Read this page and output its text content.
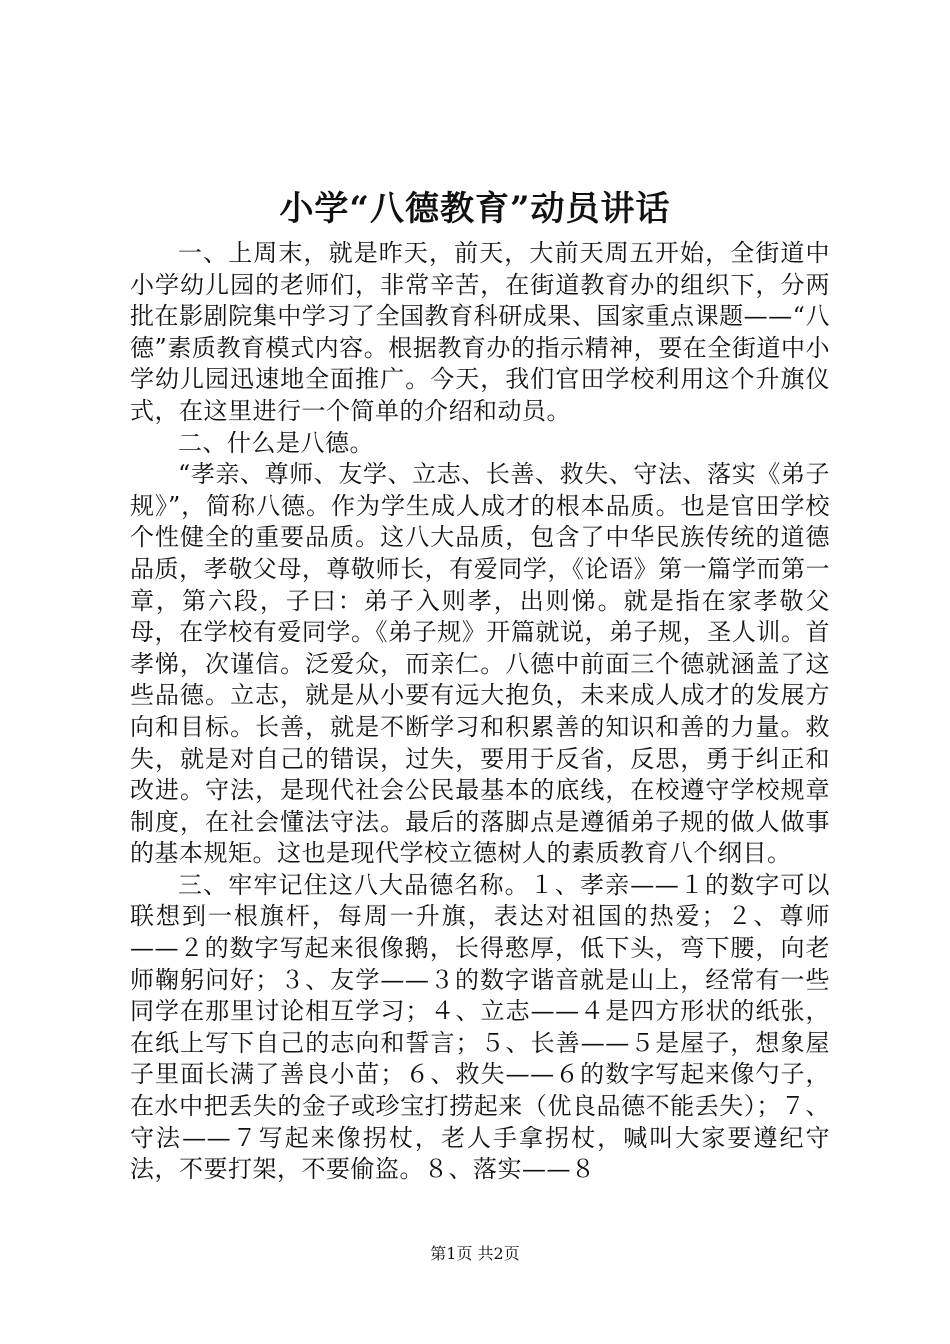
小学“八德教育”动员讲话

一、上周末，就是昨天，前天，大前天周五开始，全街道中小学幼儿园的老师们，非常辛苦，在街道教育办的组织下，分两批在影剧院集中学习了全国教育科研成果、国家重点课题——“八德”素质教育模式内容。根据教育办的指示精神，要在全街道中小学幼儿园迅速地全面推广。今天，我们官田学校利用这个升旗仪式，在这里进行一个简单的介绍和动员。

二、什么是八德。

“孝亲、尊师、友学、立志、长善、救失、守法、落实《弟子规》”，简称八德。作为学生成人成才的根本品质。也是官田学校个性健全的重要品质。这八大品质，包含了中华民族传统的道德品质，孝敬父母，尊敬师长，有爱同学，《论语》第一篇学而第一章，第六段，子曰：弟子入则孝，出则悌。就是指在家孝敬父母，在学校有爱同学。《弟子规》开篇就说，弟子规，圣人训。首孝悌，次谨信。泛爱众，而亲仁。八德中前面三个德就涵盖了这些品德。立志，就是从小要有远大抱负，未来成人成才的发展方向和目标。长善，就是不断学习和积累善的知识和善的力量。救失，就是对自己的错误，过失，要用于反省，反思，勇于纠正和改进。守法，是现代社会公民最基本的底线，在校遵守学校规章制度，在社会懂法守法。最后的落脚点是遵循弟子规的做人做事的基本规矩。这也是现代学校立德树人的素质教育八个纲目。

三、牢牢记住这八大品德名称。１、孝亲——１的数字可以联想到一根旗杆，每周一升旗，表达对祖国的热爱；２、尊师——２的数字写起来很像鹅，长得憨厚，低下头，弯下腰，向老师鞠躬问好；３、友学——３的数字谐音就是山上，经常有一些同学在那里讨论相互学习；４、立志——４是四方形状的纸张，在纸上写下自己的志向和誓言；５、长善——５是屋子，想象屋子里面长满了善良小苗；６、救失——６的数字写起来像勺子，在水中把丢失的金子或珍宝打捞起来（优良品德不能丢失）；７、守法——７写起来像拐杖，老人手拿拐杖，喊叫大家要遵纪守法，不要打架，不要偷盗。８、落实——８

第1页 共2页
